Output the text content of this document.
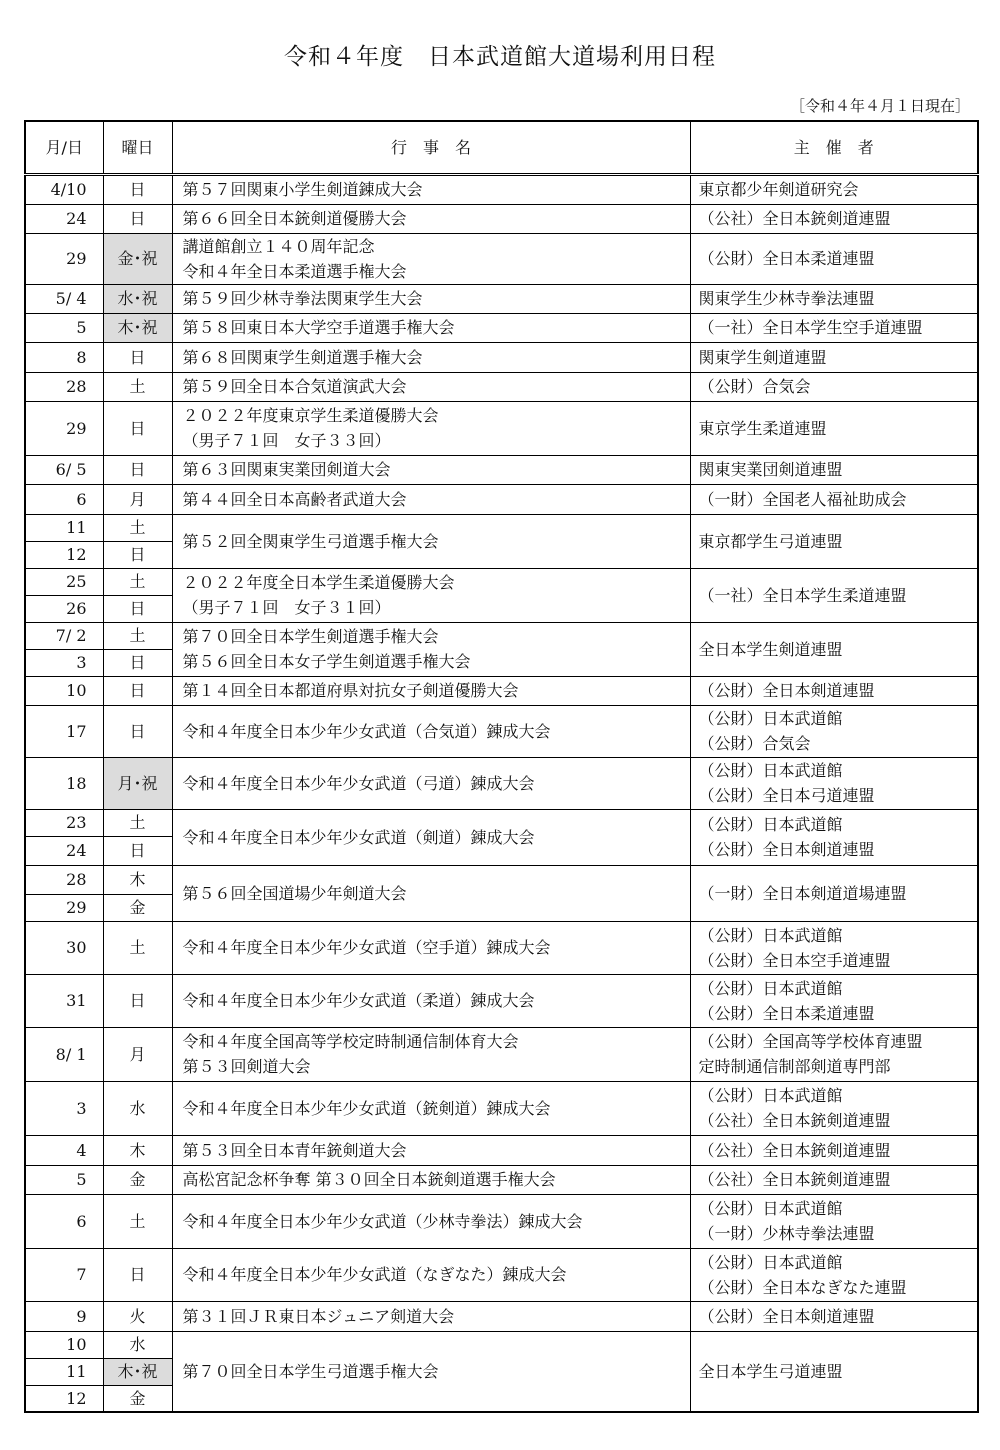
令和４年度　日本武道館大道場利用日程
［令和４年４月１日現在］
月/日	曜日	行　事　名	主　催　者
4/10	日	第５７回関東小学生剣道錬成大会	東京都少年剣道研究会

24	日	第６６回全日本銃剣道優勝大会	（公社）全日本銃剣道連盟

29	金･祝	講道館創立１４０周年記念
令和４年全日本柔道選手権大会	（公財）全日本柔道連盟

5/ 4	水･祝	第５９回少林寺拳法関東学生大会	関東学生少林寺拳法連盟

5	木･祝	第５８回東日本大学空手道選手権大会	（一社）全日本学生空手道連盟

8	日	第６８回関東学生剣道選手権大会	関東学生剣道連盟

28	土	第５９回全日本合気道演武大会	（公財）合気会

29	日	２０２２年度東京学生柔道優勝大会
（男子７１回　女子３３回）	東京学生柔道連盟

6/ 5	日	第６３回関東実業団剣道大会	関東実業団剣道連盟

6	月	第４４回全日本高齢者武道大会	（一財）全国老人福祉助成会

11	土	第５２回全関東学生弓道選手権大会	東京都学生弓道連盟

12	日		
25	土	２０２２年度全日本学生柔道優勝大会
（男子７１回　女子３１回）	（一社）全日本学生柔道連盟

26	日		
7/ 2	土	第７０回全日本学生剣道選手権大会
第５６回全日本女子学生剣道選手権大会	全日本学生剣道連盟

3	日		
10	日	第１４回全日本都道府県対抗女子剣道優勝大会	（公財）全日本剣道連盟

17	日	令和４年度全日本少年少女武道（合気道）錬成大会	（公財）日本武道館
（公財）合気会

18	月･祝	令和４年度全日本少年少女武道（弓道）錬成大会	（公財）日本武道館
（公財）全日本弓道連盟

23	土	令和４年度全日本少年少女武道（剣道）錬成大会	（公財）日本武道館
（公財）全日本剣道連盟

24	日		
28	木	第５６回全国道場少年剣道大会	（一財）全日本剣道道場連盟

29	金		
30	土	令和４年度全日本少年少女武道（空手道）錬成大会	（公財）日本武道館
（公財）全日本空手道連盟

31	日	令和４年度全日本少年少女武道（柔道）錬成大会	（公財）日本武道館
（公財）全日本柔道連盟

8/ 1	月	令和４年度全国高等学校定時制通信制体育大会
第５３回剣道大会	（公財）全国高等学校体育連盟
定時制通信制部剣道専門部

3	水	令和４年度全日本少年少女武道（銃剣道）錬成大会	（公財）日本武道館
（公社）全日本銃剣道連盟

4	木	第５３回全日本青年銃剣道大会	（公社）全日本銃剣道連盟

5	金	高松宮記念杯争奪 第３０回全日本銃剣道選手権大会	（公社）全日本銃剣道連盟

6	土	令和４年度全日本少年少女武道（少林寺拳法）錬成大会	（公財）日本武道館
（一財）少林寺拳法連盟

7	日	令和４年度全日本少年少女武道（なぎなた）錬成大会	（公財）日本武道館
（公財）全日本なぎなた連盟

9	火	第３１回ＪＲ東日本ジュニア剣道大会	（公財）全日本剣道連盟

10	水	第７０回全日本学生弓道選手権大会	全日本学生弓道連盟

11	木･祝		
12	金		
